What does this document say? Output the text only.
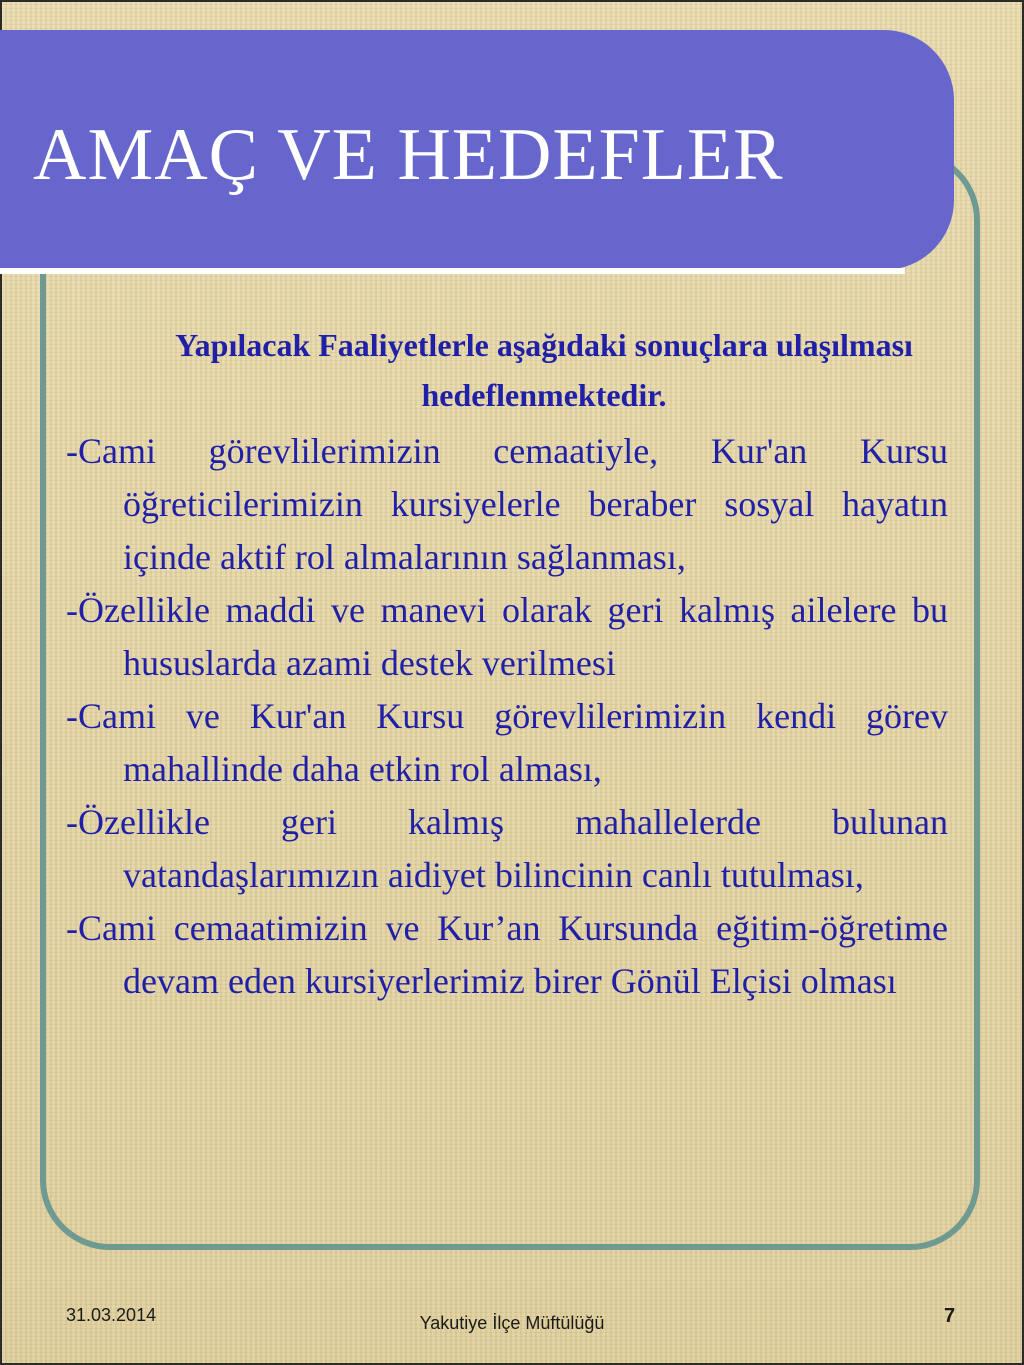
AMAÇ VE HEDEFLER
Yapılacak Faaliyetlerle aşağıdaki sonuçlara ulaşılması hedeflenmektedir.

-Cami görevlilerimizin cemaatiyle, Kur'an Kursu öğreticilerimizin kursiyelerle beraber sosyal hayatın içinde aktif rol almalarının sağlanması,

-Özellikle maddi ve manevi olarak geri kalmış ailelere bu hususlarda azami destek verilmesi

-Cami ve Kur'an Kursu görevlilerimizin kendi görev mahallinde daha etkin rol alması,

-Özellikle geri kalmış mahallelerde bulunan vatandaşlarımızın aidiyet bilincinin canlı tutulması,

-Cami cemaatimizin ve Kur’an Kursunda eğitim-öğretime devam eden kursiyerlerimiz birer Gönül Elçisi olması

31.03.2014	Yakutiye İlçe Müftülüğü	7
